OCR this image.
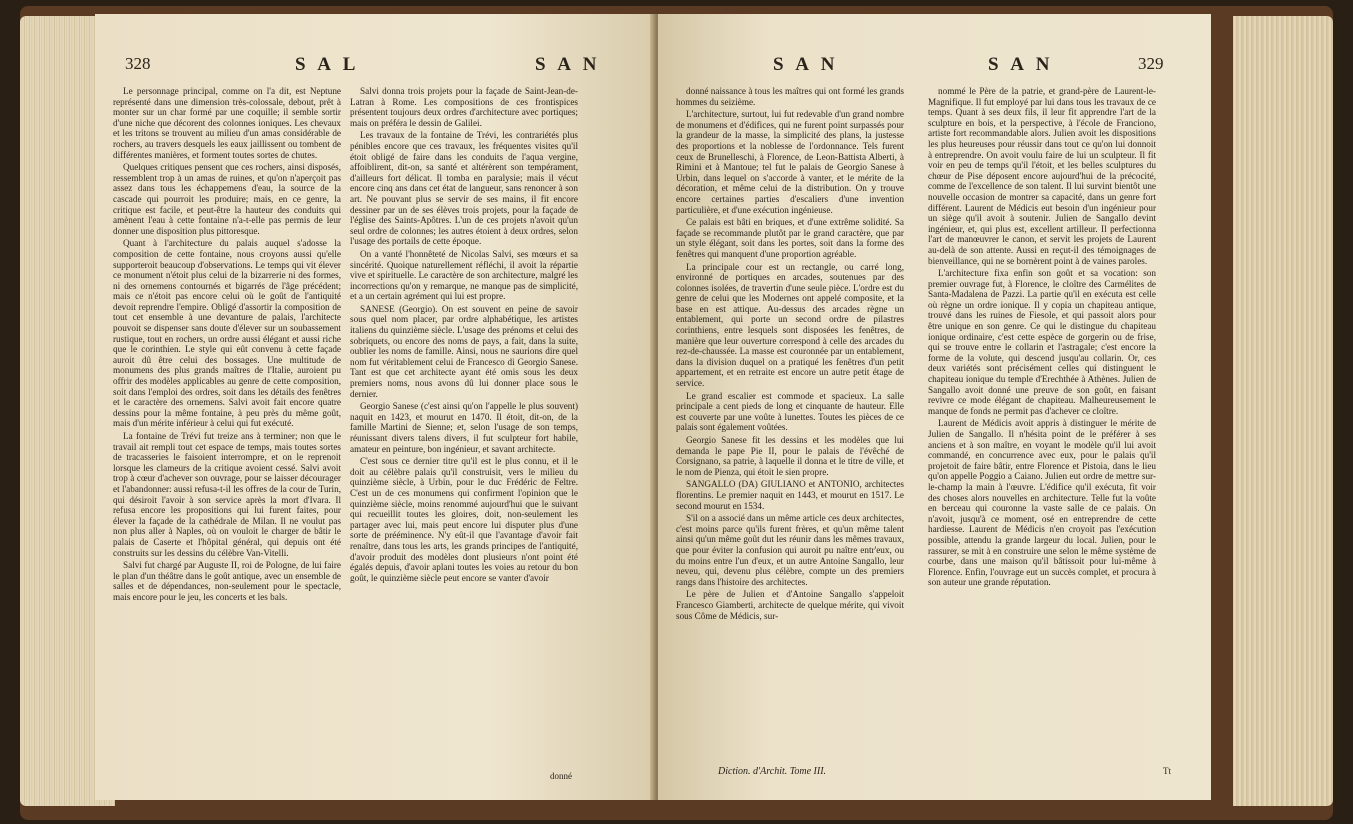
328	S A L	S A N

Le personnage principal, comme on l'a dit, est Neptune représenté dans une dimension très-colossale, debout, prêt à monter sur un char formé par une coquille; il semble sortir d'une niche que décorent des colonnes ioniques. Les chevaux et les tritons se trouvent au milieu d'un amas considérable de rochers, au travers desquels les eaux jaillissent ou tombent de différentes manières, et forment toutes sortes de chutes.

Quelques critiques pensent que ces rochers, ainsi disposés, ressemblent trop à un amas de ruines, et qu'on n'aperçoit pas assez dans tous les échappemens d'eau, la source de la cascade qui pourroit les produire; mais, en ce genre, la critique est facile, et peut-être la hauteur des conduits qui amènent l'eau à cette fontaine n'a-t-elle pas permis de leur donner une disposition plus pittoresque.

Quant à l'architecture du palais auquel s'adosse la composition de cette fontaine, nous croyons aussi qu'elle supporteroit beaucoup d'observations. Le temps qui vit élever ce monument n'étoit plus celui de la bizarrerie ni des formes, ni des ornemens contournés et bigarrés de l'âge précédent; mais ce n'étoit pas encore celui où le goût de l'antiquité devoit reprendre l'empire. Obligé d'assortir la composition de tout cet ensemble à une devanture de palais, l'architecte pouvoit se dispenser sans doute d'élever sur un soubassement rustique, tout en rochers, un ordre aussi élégant et aussi riche que le corinthien. Le style qui eût convenu à cette façade auroit dû être celui des bossages. Une multitude de monumens des plus grands maîtres de l'Italie, auroient pu offrir des modèles applicables au genre de cette composition, soit dans l'emploi des ordres, soit dans les détails des fenêtres et le caractère des ornemens. Salvi avoit fait encore quatre dessins pour la même fontaine, à peu près du même goût, mais d'un mérite inférieur à celui qui fut exécuté.

La fontaine de Trévi fut treize ans à terminer; non que le travail ait rempli tout cet espace de temps, mais toutes sortes de tracasseries le faisoient interrompre, et on le reprenoit lorsque les clameurs de la critique avoient cessé. Salvi avoit trop à cœur d'achever son ouvrage, pour se laisser décourager et l'abandonner: aussi refusa-t-il les offres de la cour de Turin, qui désiroit l'avoir à son service après la mort d'Ivara. Il refusa encore les propositions qui lui furent faites, pour élever la façade de la cathédrale de Milan. Il ne voulut pas non plus aller à Naples, où on vouloit le charger de bâtir le palais de Caserte et l'hôpital général, qui depuis ont été construits sur les dessins du célèbre Van-Vitelli.

Salvi fut chargé par Auguste II, roi de Pologne, de lui faire le plan d'un théâtre dans le goût antique, avec un ensemble de salles et de dépendances, non-seulement pour le spectacle, mais encore pour le jeu, les concerts et les bals.

Salvi donna trois projets pour la façade de Saint-Jean-de-Latran à Rome. Les compositions de ces frontispices présentent toujours deux ordres d'architecture avec portiques; mais on préféra le dessin de Galilei.

Les travaux de la fontaine de Trévi, les contrariétés plus pénibles encore que ces travaux, les fréquentes visites qu'il étoit obligé de faire dans les conduits de l'aqua vergine, affoiblirent, dit-on, sa santé et altérèrent son tempérament, d'ailleurs fort délicat. Il tomba en paralysie; mais il vécut encore cinq ans dans cet état de langueur, sans renoncer à son art. Ne pouvant plus se servir de ses mains, il fit encore dessiner par un de ses élèves trois projets, pour la façade de l'église des Saints-Apôtres. L'un de ces projets n'avoit qu'un seul ordre de colonnes; les autres étoient à deux ordres, selon l'usage des portails de cette époque.

On a vanté l'honnêteté de Nicolas Salvi, ses mœurs et sa sincérité. Quoique naturellement réfléchi, il avoit la répartie vive et spirituelle. Le caractère de son architecture, malgré les incorrections qu'on y remarque, ne manque pas de simplicité, et a un certain agrément qui lui est propre.

SANESE (Georgio). On est souvent en peine de savoir sous quel nom placer, par ordre alphabétique, les artistes italiens du quinzième siècle. L'usage des prénoms et celui des sobriquets, ou encore des noms de pays, a fait, dans la suite, oublier les noms de famille. Ainsi, nous ne saurions dire quel nom fut véritablement celui de Francesco di Georgio Sanese. Tant est que cet architecte ayant été omis sous les deux premiers noms, nous avons dû lui donner place sous le dernier.

Georgio Sanese (c'est ainsi qu'on l'appelle le plus souvent) naquit en 1423, et mourut en 1470. Il étoit, dit-on, de la famille Martini de Sienne; et, selon l'usage de son temps, réunissant divers talens divers, il fut sculpteur fort habile, amateur en peinture, bon ingénieur, et savant architecte.

C'est sous ce dernier titre qu'il est le plus connu, et il le doit au célèbre palais qu'il construisit, vers le milieu du quinzième siècle, à Urbin, pour le duc Frédéric de Feltre. C'est un de ces monumens qui confirment l'opinion que le quinzième siècle, moins renommé aujourd'hui que le suivant qui recueillit toutes les gloires, doit, non-seulement les partager avec lui, mais peut encore lui disputer plus d'une sorte de prééminence. N'y eût-il que l'avantage d'avoir fait renaître, dans tous les arts, les grands principes de l'antiquité, d'avoir produit des modèles dont plusieurs n'ont point été égalés depuis, d'avoir aplani toutes les voies au retour du bon goût, le quinzième siècle peut encore se vanter d'avoir

donné
S A N	S A N	329

donné naissance à tous les maîtres qui ont formé les grands hommes du seizième.

L'architecture, surtout, lui fut redevable d'un grand nombre de monumens et d'édifices, qui ne furent point surpassés pour la grandeur de la masse, la simplicité des plans, la justesse des proportions et la noblesse de l'ordonnance. Tels furent ceux de Brunelleschi, à Florence, de Leon-Battista Alberti, à Rimini et à Mantoue; tel fut le palais de Georgio Sanese à Urbin, dans lequel on s'accorde à vanter, et le mérite de la décoration, et même celui de la distribution. On y trouve encore certaines parties d'escaliers d'une invention particulière, et d'une exécution ingénieuse.

Ce palais est bâti en briques, et d'une extrême solidité. Sa façade se recommande plutôt par le grand caractère, que par un style élégant, soit dans les portes, soit dans la forme des fenêtres qui manquent d'une proportion agréable.

La principale cour est un rectangle, ou carré long, environné de portiques en arcades, soutenues par des colonnes isolées, de travertin d'une seule pièce. L'ordre est du genre de celui que les Modernes ont appelé composite, et la base en est attique. Au-dessus des arcades règne un entablement, qui porte un second ordre de pilastres corinthiens, entre lesquels sont disposées les fenêtres, de manière que leur ouverture correspond à celle des arcades du rez-de-chaussée. La masse est couronnée par un entablement, dans la division duquel on a pratiqué les fenêtres d'un petit appartement, et en retraite est encore un autre petit étage de service.

Le grand escalier est commode et spacieux. La salle principale a cent pieds de long et cinquante de hauteur. Elle est couverte par une voûte à lunettes. Toutes les pièces de ce palais sont également voûtées.

Georgio Sanese fit les dessins et les modèles que lui demanda le pape Pie II, pour le palais de l'évêché de Corsignano, sa patrie, à laquelle il donna et le titre de ville, et le nom de Pienza, qui étoit le sien propre.

SANGALLO (DA) GIULIANO et ANTONIO, architectes florentins. Le premier naquit en 1443, et mourut en 1517. Le second mourut en 1534.

S'il on a associé dans un même article ces deux architectes, c'est moins parce qu'ils furent frères, et qu'un même talent ainsi qu'un même goût dut les réunir dans les mêmes travaux, que pour éviter la confusion qui auroit pu naître entr'eux, ou du moins entre l'un d'eux, et un autre Antoine Sangallo, leur neveu, qui, devenu plus célèbre, compte un des premiers rangs dans l'histoire des architectes.

Le père de Julien et d'Antoine Sangallo s'appeloit Francesco Giamberti, architecte de quelque mérite, qui vivoit sous Côme de Médicis, sur-

nommé le Père de la patrie, et grand-père de Laurent-le-Magnifique. Il fut employé par lui dans tous les travaux de ce temps. Quant à ses deux fils, il leur fit apprendre l'art de la sculpture en bois, et la perspective, à l'école de Franciono, artiste fort recommandable alors. Julien avoit les dispositions les plus heureuses pour réussir dans tout ce qu'on lui donnoit à entreprendre. On avoit voulu faire de lui un sculpteur. Il fit voir en peu de temps qu'il l'étoit, et les belles sculptures du chœur de Pise déposent encore aujourd'hui de la précocité, comme de l'excellence de son talent. Il lui survint bientôt une nouvelle occasion de montrer sa capacité, dans un genre fort différent. Laurent de Médicis eut besoin d'un ingénieur pour un siège qu'il avoit à soutenir. Julien de Sangallo devint ingénieur, et, qui plus est, excellent artilleur. Il perfectionna l'art de manœuvrer le canon, et servit les projets de Laurent au-delà de son attente. Aussi en reçut-il des témoignages de bienveillance, qui ne se bornèrent point à de vaines paroles.

L'architecture fixa enfin son goût et sa vocation: son premier ouvrage fut, à Florence, le cloître des Carmélites de Santa-Madalena de Pazzi. La partie qu'il en exécuta est celle où règne un ordre ionique. Il y copia un chapiteau antique, trouvé dans les ruines de Fiesole, et qui passoit alors pour être unique en son genre. Ce qui le distingue du chapiteau ionique ordinaire, c'est cette espèce de gorgerin ou de frise, qui se trouve entre le collarin et l'astragale; c'est encore la forme de la volute, qui descend jusqu'au collarin. Or, ces deux variétés sont précisément celles qui distinguent le chapiteau ionique du temple d'Erechthée à Athènes. Julien de Sangallo avoit donné une preuve de son goût, en faisant revivre ce mode élégant de chapiteau. Malheureusement le manque de fonds ne permit pas d'achever ce cloître.

Laurent de Médicis avoit appris à distinguer le mérite de Julien de Sangallo. Il n'hésita point de le préférer à ses anciens et à son maître, en voyant le modèle qu'il lui avoit commandé, en concurrence avec eux, pour le palais qu'il projetoit de faire bâtir, entre Florence et Pistoia, dans le lieu qu'on appelle Poggio a Caiano. Julien eut ordre de mettre sur-le-champ la main à l'œuvre. L'édifice qu'il exécuta, fit voir des choses alors nouvelles en architecture. Telle fut la voûte en berceau qui couronne la vaste salle de ce palais. On n'avoit, jusqu'à ce moment, osé en entreprendre de cette hardiesse. Laurent de Médicis n'en croyoit pas l'exécution possible, attendu la grande largeur du local. Julien, pour le rassurer, se mit à en construire une selon le même système de courbe, dans une maison qu'il bâtissoit pour lui-même à Florence. Enfin, l'ouvrage eut un succès complet, et procura à son auteur une grande réputation.

Diction. d'Archit. Tome III.	Tt
